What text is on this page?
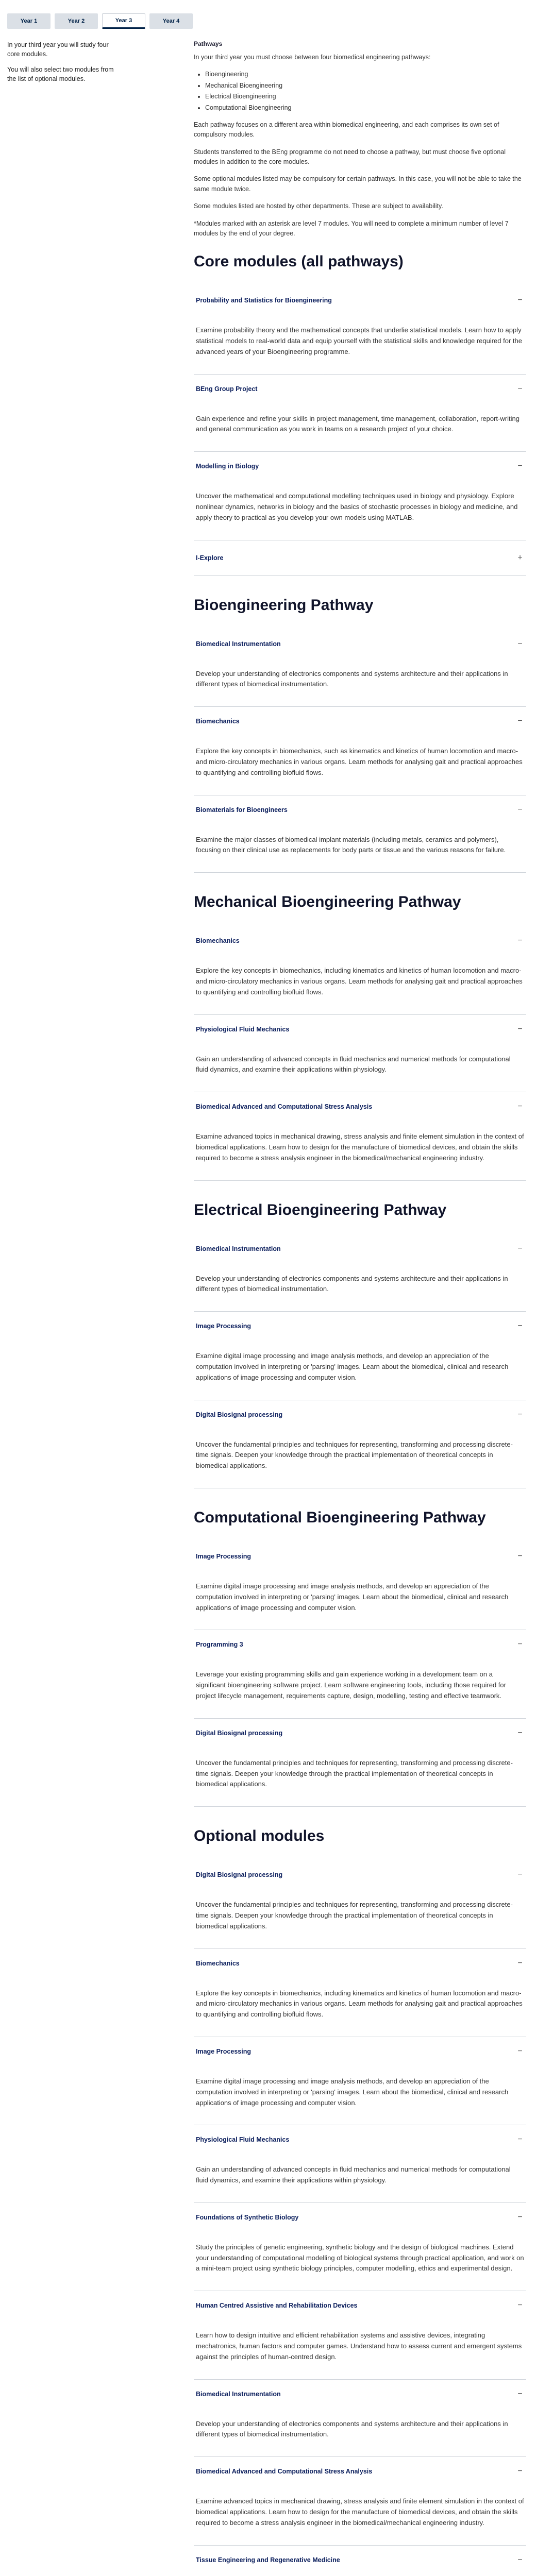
Year 1	Year 2	Year 3	Year 4

In your third year you will study four core modules.

You will also select two modules from the list of optional modules.

Pathways

In your third year you must choose between four biomedical engineering pathways:

• Bioengineering
• Mechanical Bioengineering
• Electrical Bioengineering
• Computational Bioengineering

Each pathway focuses on a different area within biomedical engineering, and each comprises its own set of compulsory modules.

Students transferred to the BEng programme do not need to choose a pathway, but must choose five optional modules in addition to the core modules.

Some optional modules listed may be compulsory for certain pathways. In this case, you will not be able to take the same module twice.

Some modules listed are hosted by other departments. These are subject to availability.

*Modules marked with an asterisk are level 7 modules. You will need to complete a minimum number of level 7 modules by the end of your degree.

Core modules (all pathways)
Probability and Statistics for Bioengineering	−
Examine probability theory and the mathematical concepts that underlie statistical models. Learn how to apply statistical models to real-world data and equip yourself with the statistical skills and knowledge required for the advanced years of your Bioengineering programme.
BEng Group Project	−
Gain experience and refine your skills in project management, time management, collaboration, report-writing and general communication as you work in teams on a research project of your choice.
Modelling in Biology	−
Uncover the mathematical and computational modelling techniques used in biology and physiology. Explore nonlinear dynamics, networks in biology and the basics of stochastic processes in biology and medicine, and apply theory to practical as you develop your own models using MATLAB.
I-Explore	+
Bioengineering Pathway
Biomedical Instrumentation	−
Develop your understanding of electronics components and systems architecture and their applications in different types of biomedical instrumentation.
Biomechanics	−
Explore the key concepts in biomechanics, such as kinematics and kinetics of human locomotion and macro- and micro-circulatory mechanics in various organs. Learn methods for analysing gait and practical approaches to quantifying and controlling biofluid flows.
Biomaterials for Bioengineers	−
Examine the major classes of biomedical implant materials (including metals, ceramics and polymers), focusing on their clinical use as replacements for body parts or tissue and the various reasons for failure.
Mechanical Bioengineering Pathway
Biomechanics	−
Explore the key concepts in biomechanics, including kinematics and kinetics of human locomotion and macro- and micro-circulatory mechanics in various organs. Learn methods for analysing gait and practical approaches to quantifying and controlling biofluid flows.
Physiological Fluid Mechanics	−
Gain an understanding of advanced concepts in fluid mechanics and numerical methods for computational fluid dynamics, and examine their applications within physiology.
Biomedical Advanced and Computational Stress Analysis	−
Examine advanced topics in mechanical drawing, stress analysis and finite element simulation in the context of biomedical applications. Learn how to design for the manufacture of biomedical devices, and obtain the skills required to become a stress analysis engineer in the biomedical/mechanical engineering industry.
Electrical Bioengineering Pathway
Biomedical Instrumentation	−
Develop your understanding of electronics components and systems architecture and their applications in different types of biomedical instrumentation.
Image Processing	−
Examine digital image processing and image analysis methods, and develop an appreciation of the computation involved in interpreting or 'parsing' images. Learn about the biomedical, clinical and research applications of image processing and computer vision.
Digital Biosignal processing	−
Uncover the fundamental principles and techniques for representing, transforming and processing discrete-time signals. Deepen your knowledge through the practical implementation of theoretical concepts in biomedical applications.
Computational Bioengineering Pathway
Image Processing	−
Examine digital image processing and image analysis methods, and develop an appreciation of the computation involved in interpreting or 'parsing' images. Learn about the biomedical, clinical and research applications of image processing and computer vision.
Programming 3	−
Leverage your existing programming skills and gain experience working in a development team on a significant bioengineering software project. Learn software engineering tools, including those required for project lifecycle management, requirements capture, design, modelling, testing and effective teamwork.
Digital Biosignal processing	−
Uncover the fundamental principles and techniques for representing, transforming and processing discrete-time signals. Deepen your knowledge through the practical implementation of theoretical concepts in biomedical applications.
Optional modules
Digital Biosignal processing	−
Uncover the fundamental principles and techniques for representing, transforming and processing discrete-time signals. Deepen your knowledge through the practical implementation of theoretical concepts in biomedical applications.
Biomechanics	−
Explore the key concepts in biomechanics, including kinematics and kinetics of human locomotion and macro- and micro-circulatory mechanics in various organs. Learn methods for analysing gait and practical approaches to quantifying and controlling biofluid flows.
Image Processing	−
Examine digital image processing and image analysis methods, and develop an appreciation of the computation involved in interpreting or 'parsing' images. Learn about the biomedical, clinical and research applications of image processing and computer vision.
Physiological Fluid Mechanics	−
Gain an understanding of advanced concepts in fluid mechanics and numerical methods for computational fluid dynamics, and examine their applications within physiology.
Foundations of Synthetic Biology	−
Study the principles of genetic engineering, synthetic biology and the design of biological machines. Extend your understanding of computational modelling of biological systems through practical application, and work on a mini-team project using synthetic biology principles, computer modelling, ethics and experimental design.
Human Centred Assistive and Rehabilitation Devices	−
Learn how to design intuitive and efficient rehabilitation systems and assistive devices, integrating mechatronics, human factors and computer games. Understand how to assess current and emergent systems against the principles of human-centred design.
Biomedical Instrumentation	−
Develop your understanding of electronics components and systems architecture and their applications in different types of biomedical instrumentation.
Biomedical Advanced and Computational Stress Analysis	−
Examine advanced topics in mechanical drawing, stress analysis and finite element simulation in the context of biomedical applications. Learn how to design for the manufacture of biomedical devices, and obtain the skills required to become a stress analysis engineer in the biomedical/mechanical engineering industry.
Tissue Engineering and Regenerative Medicine	−
